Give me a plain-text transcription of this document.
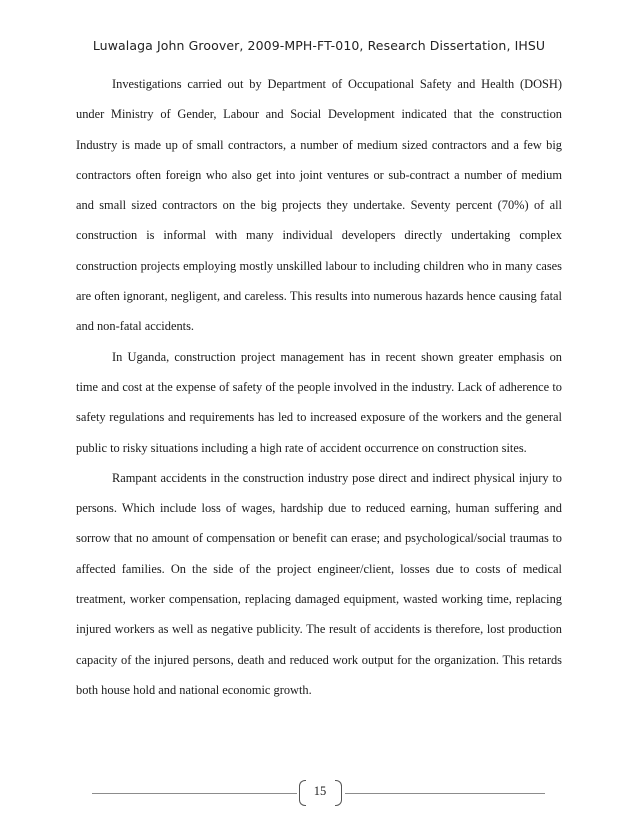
Luwalaga John Groover, 2009-MPH-FT-010, Research Dissertation, IHSU

Investigations carried out by Department of Occupational Safety and Health (DOSH) under Ministry of Gender, Labour and Social Development indicated that the construction Industry is made up of small contractors, a number of medium sized contractors and a few big contractors often foreign who also get into joint ventures or sub-contract a number of medium and small sized contractors on the big projects they undertake. Seventy percent (70%) of all construction is informal with many individual developers directly undertaking complex construction projects employing mostly unskilled labour to including children who in many cases are often ignorant, negligent, and careless. This results into numerous hazards hence causing fatal and non-fatal accidents.

In Uganda, construction project management has in recent shown greater emphasis on time and cost at the expense of safety of the people involved in the industry. Lack of adherence to safety regulations and requirements has led to increased exposure of the workers and the general public to risky situations including a high rate of accident occurrence on construction sites.

Rampant accidents in the construction industry pose direct and indirect physical injury to persons. Which include loss of wages, hardship due to reduced earning, human suffering and sorrow that no amount of compensation or benefit can erase; and psychological/social traumas to affected families. On the side of the project engineer/client, losses due to costs of medical treatment, worker compensation, replacing damaged equipment, wasted working time, replacing injured workers as well as negative publicity. The result of accidents is therefore, lost production capacity of the injured persons, death and reduced work output for the organization. This retards both house hold and national economic growth.

15
